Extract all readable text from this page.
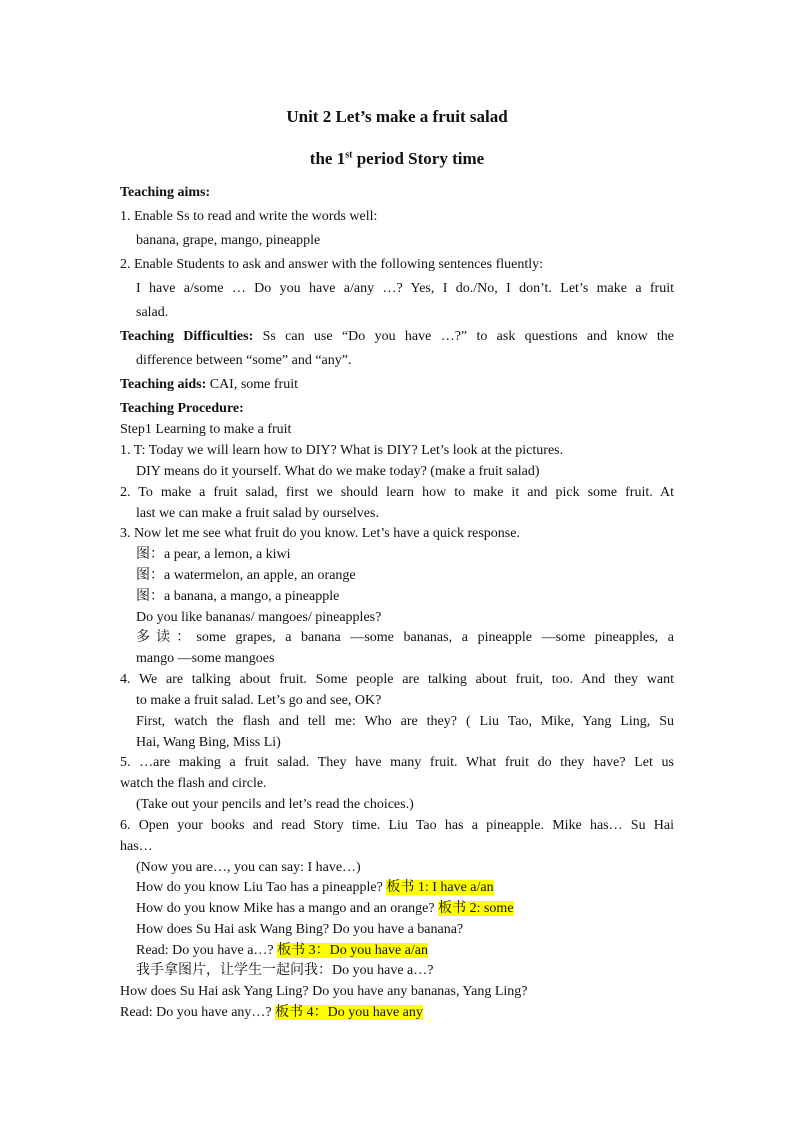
Unit 2 Let’s make a fruit salad
the 1st period Story time
Teaching aims:
1. Enable Ss to read and write the words well:
banana, grape, mango, pineapple
2. Enable Students to ask and answer with the following sentences fluently:
I have a/some … Do you have a/any …? Yes, I do./No, I don’t. Let’s make a fruit
salad.
Teaching Difficulties: Ss can use “Do you have …?” to ask questions and know the
difference between “some” and “any”.
Teaching aids: CAI, some fruit
Teaching Procedure:
Step1 Learning to make a fruit
1. T: Today we will learn how to DIY? What is DIY? Let’s look at the pictures.
DIY means do it yourself. What do we make today? (make a fruit salad)
2. To make a fruit salad, first we should learn how to make it and pick some fruit. At
last we can make a fruit salad by ourselves.
3. Now let me see what fruit do you know. Let’s have a quick response.
图：a pear, a lemon, a kiwi
图：a watermelon, an apple, an orange
图：a banana, a mango, a pineapple
Do you like bananas/ mangoes/ pineapples?
多读：some grapes, a banana —some bananas, a pineapple —some pineapples, a
mango —some mangoes
4. We are talking about fruit. Some people are talking about fruit, too. And they want
to make a fruit salad. Let’s go and see, OK?
First, watch the flash and tell me: Who are they? ( Liu Tao, Mike, Yang Ling, Su
Hai, Wang Bing, Miss Li)
5. …are making a fruit salad. They have many fruit. What fruit do they have? Let us
watch the flash and circle.
(Take out your pencils and let’s read the choices.)
6. Open your books and read Story time. Liu Tao has a pineapple. Mike has… Su Hai
has…
(Now you are…, you can say: I have…)
How do you know Liu Tao has a pineapple? 板书 1: I have a/an
How do you know Mike has a mango and an orange? 板书 2: some
How does Su Hai ask Wang Bing? Do you have a banana?
Read: Do you have a…? 板书 3：Do you have a/an
我手拿图片，让学生一起问我：Do you have a…?
How does Su Hai ask Yang Ling? Do you have any bananas, Yang Ling?
Read: Do you have any…? 板书 4：Do you have any
